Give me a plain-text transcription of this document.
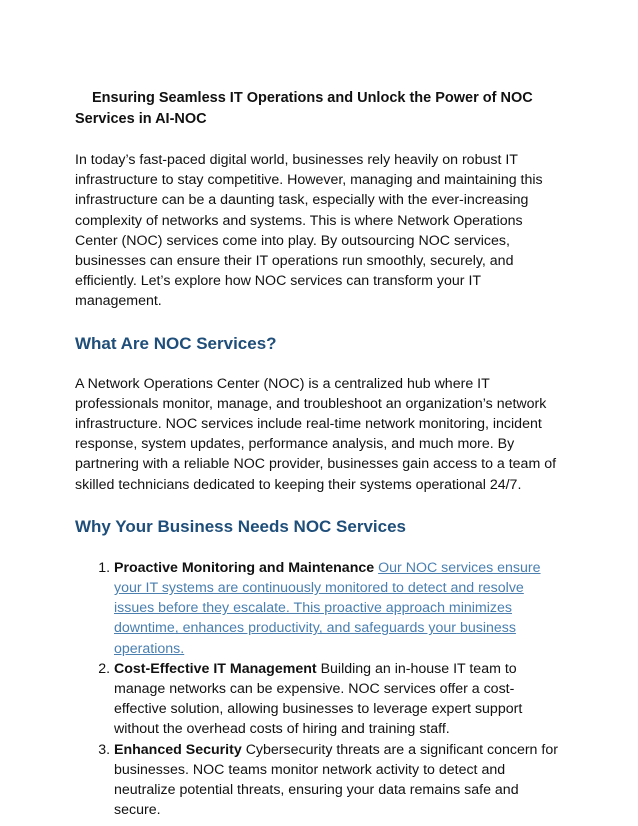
Ensuring Seamless IT Operations and Unlock the Power of NOC Services in AI-NOC

In today’s fast-paced digital world, businesses rely heavily on robust IT infrastructure to stay competitive. However, managing and maintaining this infrastructure can be a daunting task, especially with the ever-increasing complexity of networks and systems. This is where Network Operations Center (NOC) services come into play. By outsourcing NOC services, businesses can ensure their IT operations run smoothly, securely, and efficiently. Let’s explore how NOC services can transform your IT management.

What Are NOC Services?

A Network Operations Center (NOC) is a centralized hub where IT professionals monitor, manage, and troubleshoot an organization’s network infrastructure. NOC services include real-time network monitoring, incident response, system updates, performance analysis, and much more. By partnering with a reliable NOC provider, businesses gain access to a team of skilled technicians dedicated to keeping their systems operational 24/7.

Why Your Business Needs NOC Services
1. Proactive Monitoring and Maintenance Our NOC services ensure your IT systems are continuously monitored to detect and resolve issues before they escalate. This proactive approach minimizes downtime, enhances productivity, and safeguards your business operations.
2. Cost-Effective IT Management Building an in-house IT team to manage networks can be expensive. NOC services offer a cost-effective solution, allowing businesses to leverage expert support without the overhead costs of hiring and training staff.
3. Enhanced Security Cybersecurity threats are a significant concern for businesses. NOC teams monitor network activity to detect and neutralize potential threats, ensuring your data remains safe and secure.
